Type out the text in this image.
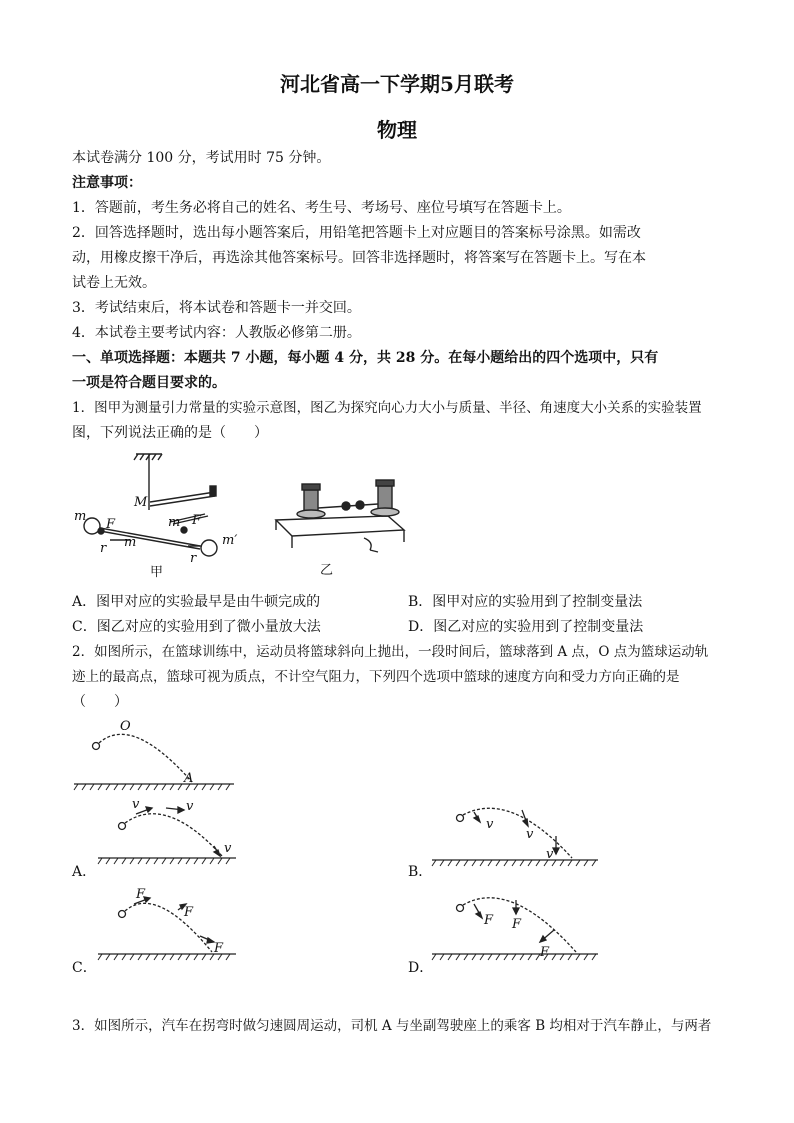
河北省高一下学期5月联考
物理
本试卷满分 100 分，考试用时 75 分钟。
注意事项：
1．答题前，考生务必将自己的姓名、考生号、考场号、座位号填写在答题卡上。
2．回答选择题时，选出每小题答案后，用铅笔把答题卡上对应题目的答案标号涂黑。如需改
动，用橡皮擦干净后，再选涂其他答案标号。回答非选择题时，将答案写在答题卡上。写在本
试卷上无效。
3．考试结束后，将本试卷和答题卡一并交回。
4．本试卷主要考试内容：人教版必修第二册。
一、单项选择题：本题共 7 小题，每小题 4 分，共 28 分。在每小题给出的四个选项中，只有
一项是符合题目要求的。
1．图甲为测量引力常量的实验示意图，图乙为探究向心力大小与质量、半径、角速度大小关系的实验装置
图，下列说法正确的是（　　）
m
F
r
M
m F
r
m′
m
甲	乙
A．图甲对应的实验最早是由牛顿完成的	B．图甲对应的实验用到了控制变量法
C．图乙对应的实验用到了微小量放大法	D．图乙对应的实验用到了控制变量法
2．如图所示，在篮球训练中，运动员将篮球斜向上抛出，一段时间后，篮球落到 A 点，O 点为篮球运动轨
迹上的最高点，篮球可视为质点，不计空气阻力，下列四个选项中篮球的速度方向和受力方向正确的是
（　　）
O
A
v	v
v
A．
v
v
v
B．
F
F
F
C．
F F
F
D．
3．如图所示，汽车在拐弯时做匀速圆周运动，司机 A 与坐副驾驶座上的乘客 B 均相对于汽车静止，与两者
